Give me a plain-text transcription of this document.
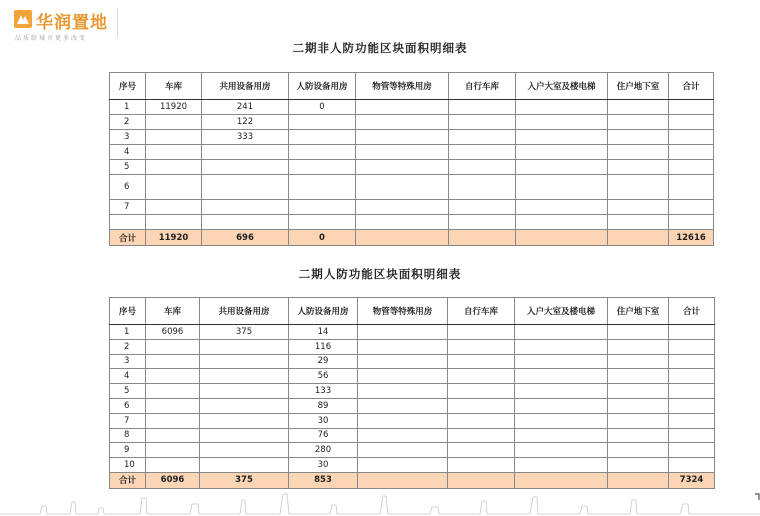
华润置地
品质给城市更多改变
二期非人防功能区块面积明细表
序号	车库	共用设备用房	人防设备用房	物管等特殊用房	自行车库	入户大室及楼电梯	住户地下室	合计
1	11920	241	0					
2		122						
3		333						
4								
5								
6								
7								

合计	11920	696	0					12616
二期人防功能区块面积明细表
序号	车库	共用设备用房	人防设备用房	物管等特殊用房	自行车库	入户大室及楼电梯	住户地下室	合计
1	6096	375	14					
2			116					
3			29					
4			56					
5			133					
6			89					
7			30					
8			76					
9			280					
10			30					
合计	6096	375	853					7324
